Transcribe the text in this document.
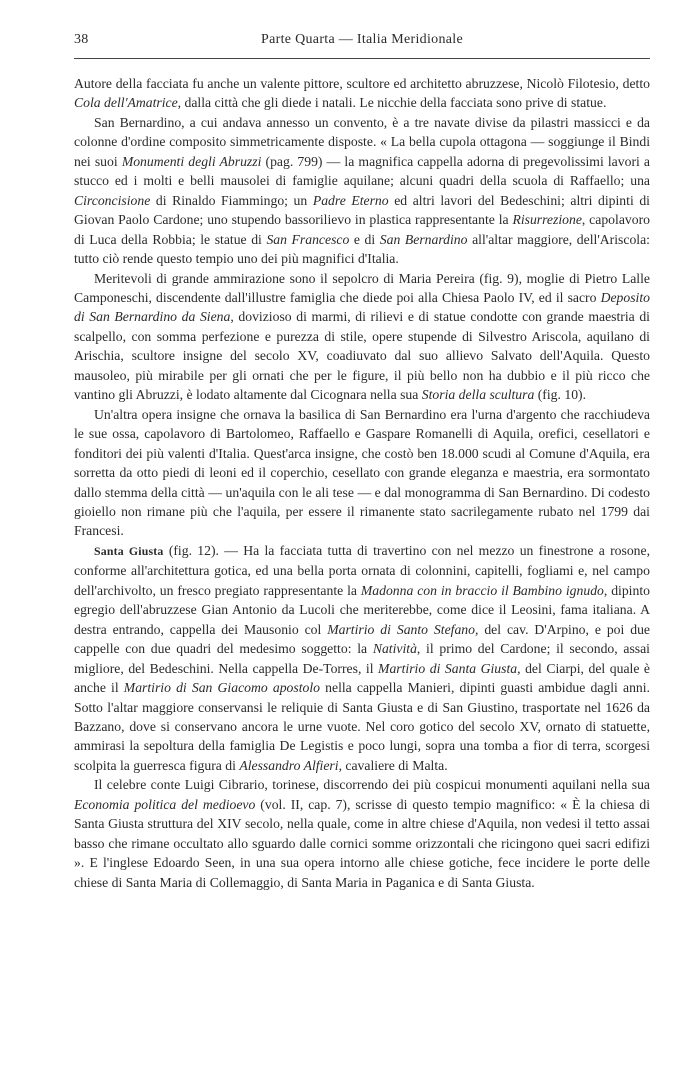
38	Parte Quarta — Italia Meridionale

Autore della facciata fu anche un valente pittore, scultore ed architetto abruzzese, Nicolò Filotesio, detto Cola dell'Amatrice, dalla città che gli diede i natali. Le nicchie della facciata sono prive di statue.

San Bernardino, a cui andava annesso un convento, è a tre navate divise da pilastri massicci e da colonne d'ordine composito simmetricamente disposte. « La bella cupola ottagona — soggiunge il Bindi nei suoi Monumenti degli Abruzzi (pag. 799) — la magnifica cappella adorna di pregevolissimi lavori a stucco ed i molti e belli mausolei di famiglie aquilane; alcuni quadri della scuola di Raffaello; una Circoncisione di Rinaldo Fiammingo; un Padre Eterno ed altri lavori del Bedeschini; altri dipinti di Giovan Paolo Cardone; uno stupendo bassorilievo in plastica rappresentante la Risurrezione, capolavoro di Luca della Robbia; le statue di San Francesco e di San Bernardino all'altar maggiore, dell'Ariscola: tutto ciò rende questo tempio uno dei più magnifici d'Italia.

Meritevoli di grande ammirazione sono il sepolcro di Maria Pereira (fig. 9), moglie di Pietro Lalle Camponeschi, discendente dall'illustre famiglia che diede poi alla Chiesa Paolo IV, ed il sacro Deposito di San Bernardino da Siena, dovizioso di marmi, di rilievi e di statue condotte con grande maestria di scalpello, con somma perfezione e purezza di stile, opere stupende di Silvestro Ariscola, aquilano di Arischia, scultore insigne del secolo XV, coadiuvato dal suo allievo Salvato dell'Aquila. Questo mausoleo, più mirabile per gli ornati che per le figure, il più bello non ha dubbio e il più ricco che vantino gli Abruzzi, è lodato altamente dal Cicognara nella sua Storia della scultura (fig. 10).

Un'altra opera insigne che ornava la basilica di San Bernardino era l'urna d'argento che racchiudeva le sue ossa, capolavoro di Bartolomeo, Raffaello e Gaspare Romanelli di Aquila, orefici, cesellatori e fonditori dei più valenti d'Italia. Quest'arca insigne, che costò ben 18.000 scudi al Comune d'Aquila, era sorretta da otto piedi di leoni ed il coperchio, cesellato con grande eleganza e maestria, era sormontato dallo stemma della città — un'aquila con le ali tese — e dal monogramma di San Bernardino. Di codesto gioiello non rimane più che l'aquila, per essere il rimanente stato sacrilegamente rubato nel 1799 dai Francesi.

Santa Giusta (fig. 12). — Ha la facciata tutta di travertino con nel mezzo un finestrone a rosone, conforme all'architettura gotica, ed una bella porta ornata di colonnini, capitelli, fogliami e, nel campo dell'archivolto, un fresco pregiato rappresentante la Madonna con in braccio il Bambino ignudo, dipinto egregio dell'abruzzese Gian Antonio da Lucoli che meriterebbe, come dice il Leosini, fama italiana. A destra entrando, cappella dei Mausonio col Martirio di Santo Stefano, del cav. D'Arpino, e poi due cappelle con due quadri del medesimo soggetto: la Natività, il primo del Cardone; il secondo, assai migliore, del Bedeschini. Nella cappella De-Torres, il Martirio di Santa Giusta, del Ciarpi, del quale è anche il Martirio di San Giacomo apostolo nella cappella Manieri, dipinti guasti ambidue dagli anni. Sotto l'altar maggiore conservansi le reliquie di Santa Giusta e di San Giustino, trasportate nel 1626 da Bazzano, dove si conservano ancora le urne vuote. Nel coro gotico del secolo XV, ornato di statuette, ammirasi la sepoltura della famiglia De Legistis e poco lungi, sopra una tomba a fior di terra, scorgesi scolpita la guerresca figura di Alessandro Alfieri, cavaliere di Malta.

Il celebre conte Luigi Cibrario, torinese, discorrendo dei più cospicui monumenti aquilani nella sua Economia politica del medioevo (vol. II, cap. 7), scrisse di questo tempio magnifico: « È la chiesa di Santa Giusta struttura del XIV secolo, nella quale, come in altre chiese d'Aquila, non vedesi il tetto assai basso che rimane occultato allo sguardo dalle cornici somme orizzontali che ricingono quei sacri edifizi ». E l'inglese Edoardo Seen, in una sua opera intorno alle chiese gotiche, fece incidere le porte delle chiese di Santa Maria di Collemaggio, di Santa Maria in Paganica e di Santa Giusta.
